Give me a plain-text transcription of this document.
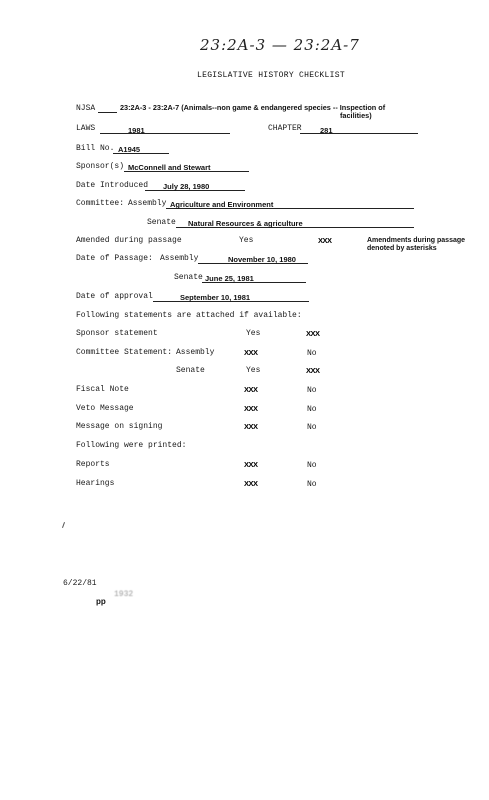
23:2A-3 — 23:2A-7
LEGISLATIVE HISTORY CHECKLIST
NJSA	23:2A-3 - 23:2A-7 (Animals--non game & endangered species -- Inspection of
facilities)
LAWS	1981	CHAPTER 281
Bill No. A1945
Sponsor(s) McConnell and Stewart
Date Introduced July 28, 1980
Committee: Assembly Agriculture and Environment
Senate Natural Resources & agriculture
Amended during passage	Yes	XXX	Amendments during passage denoted by asterisks
Date of Passage: Assembly	November 10, 1980
Senate June 25, 1981
Date of approval	September 10, 1981
Following statements are attached if available:
Sponsor statement	Yes	XXX
Committee Statement: Assembly	XXX	No
Senate	Yes	XXX
Fiscal Note	XXX	No
Veto Message	XXX	No
Message on signing	XXX	No
Following were printed:
Reports	XXX	No
Hearings	XXX	No
6/22/81
pp
1932
